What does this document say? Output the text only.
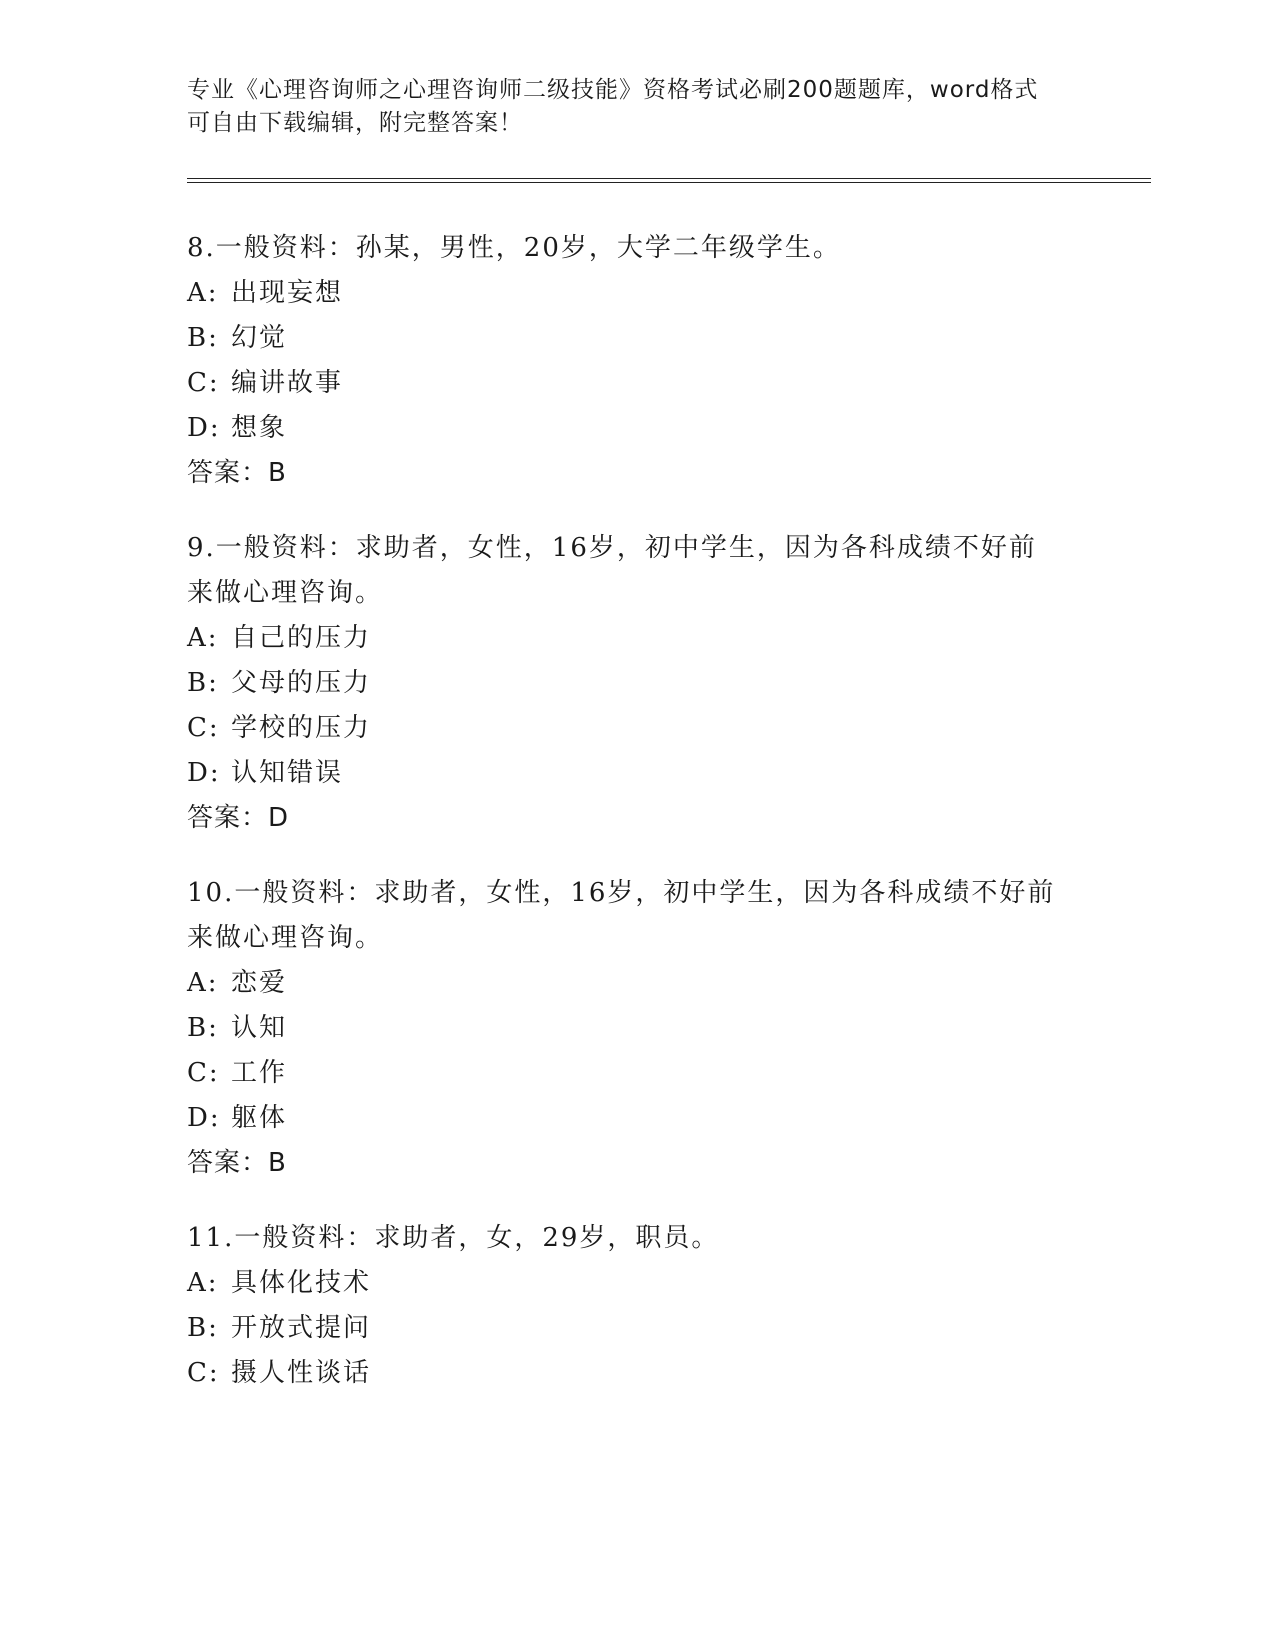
专业《心理咨询师之心理咨询师二级技能》资格考试必刷200题题库，word格式
可自由下载编辑，附完整答案！
8.一般资料：孙某，男性，20岁，大学二年级学生。
A: 出现妄想
B: 幻觉
C: 编讲故事
D: 想象
答案：B
9.一般资料：求助者，女性，16岁，初中学生，因为各科成绩不好前
来做心理咨询。
A: 自己的压力
B: 父母的压力
C: 学校的压力
D: 认知错误
答案：D
10.一般资料：求助者，女性，16岁，初中学生，因为各科成绩不好前
来做心理咨询。
A: 恋爱
B: 认知
C: 工作
D: 躯体
答案：B
11.一般资料：求助者，女，29岁，职员。
A: 具体化技术
B: 开放式提问
C: 摄人性谈话
